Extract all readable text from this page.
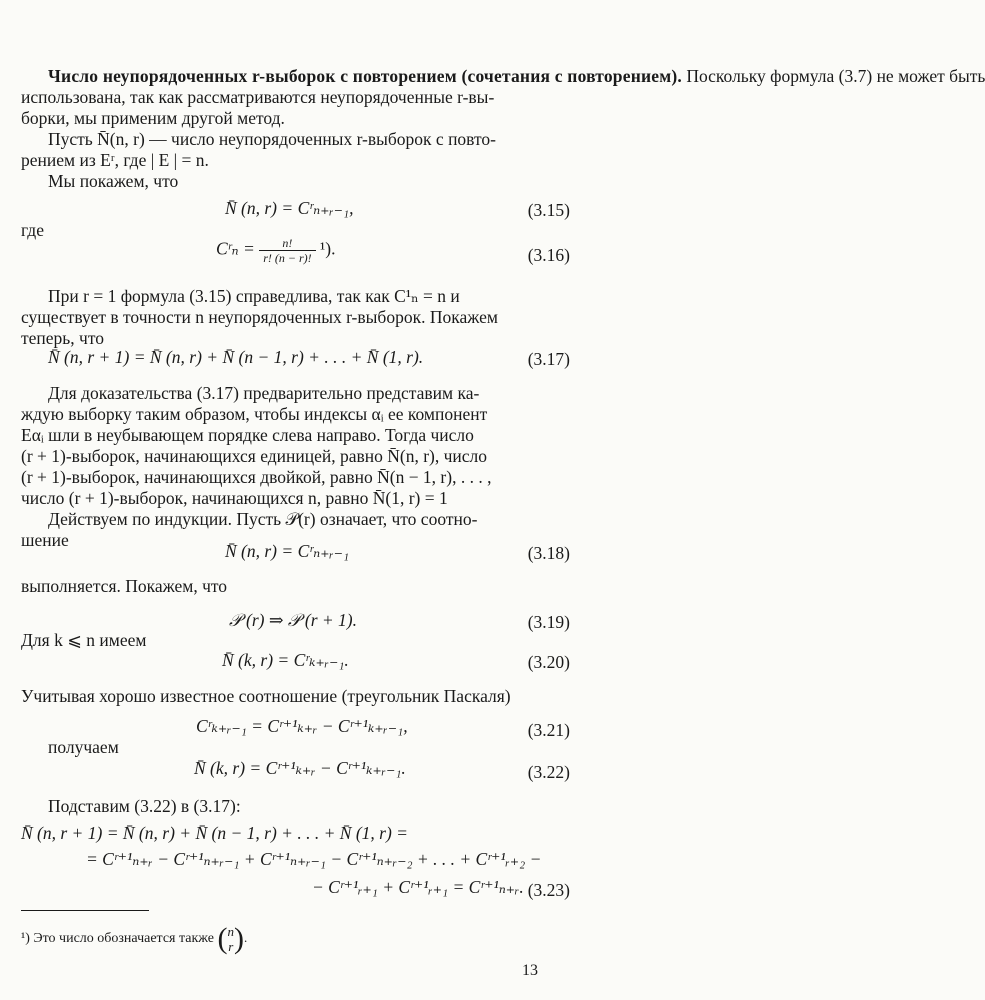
Число неупорядоченных r-выборок с повторением (сочетания с повторением). Поскольку формула (3.7) не может быть
использована, так как рассматриваются неупорядоченные r-вы-
борки, мы применим другой метод.
Пусть N̄(n, r) — число неупорядоченных r-выборок с повто-
рением из Eʳ, где | E | = n.
Мы покажем, что
N̄ (n, r) = Cʳₙ₊ᵣ₋₁,	(3.15)
где
Cʳₙ = $\frac{n!}{r! (n - r)!} ^1$).	(3.16)
При r = 1 формула (3.15) справедлива, так как C¹ₙ = n и
существует в точности n неупорядоченных r-выборок. Покажем
теперь, что
N̄ (n, r + 1) = N̄ (n, r) + N̄ (n − 1, r) + . . . + N̄ (1, r).	(3.17)
Для доказательства (3.17) предварительно представим ка-
ждую выборку таким образом, чтобы индексы αᵢ ее компонент
Eαᵢ шли в неубывающем порядке слева направо. Тогда число
(r + 1)-выборок, начинающихся единицей, равно N̄(n, r), число
(r + 1)-выборок, начинающихся двойкой, равно N̄(n − 1, r), . . . ,
число (r + 1)-выборок, начинающихся n, равно N̄(1, r) = 1
Действуем по индукции. Пусть 𝒫(r) означает, что соотно-
шение
N̄ (n, r) = Cʳₙ₊ᵣ₋₁	(3.18)
выполняется. Покажем, что
𝒫 (r) ⇒ 𝒫 (r + 1).	(3.19)
Для k ⩽ n имеем
N̄ (k, r) = Cʳₖ₊ᵣ₋₁.	(3.20)
Учитывая хорошо известное соотношение (треугольник Паскаля)
Cʳₖ₊ᵣ₋₁ = Cʳ⁺¹ₖ₊ᵣ − Cʳ⁺¹ₖ₊ᵣ₋₁,	(3.21)
получаем
N̄ (k, r) = Cʳ⁺¹ₖ₊ᵣ − Cʳ⁺¹ₖ₊ᵣ₋₁.	(3.22)
Подставим (3.22) в (3.17):
N̄ (n, r + 1) = N̄ (n, r) + N̄ (n − 1, r) + . . . + N̄ (1, r) =
= Cʳ⁺¹ₙ₊ᵣ − Cʳ⁺¹ₙ₊ᵣ₋₁ + Cʳ⁺¹ₙ₊ᵣ₋₁ − Cʳ⁺¹ₙ₊ᵣ₋₂ + . . . + Cʳ⁺¹ᵣ₊₂ −
− Cʳ⁺¹ᵣ₊₁ + Cʳ⁺¹ᵣ₊₁ = Cʳ⁺¹ₙ₊ᵣ. (3.23)
¹) Это число обозначается также ( n
r ).
13
